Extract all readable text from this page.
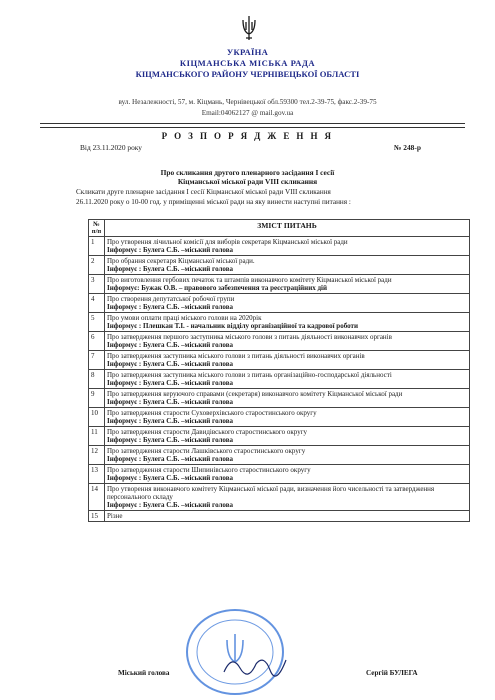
УКРАЇНА
КІЦМАНСЬКА МІСЬКА РАДА
КІЦМАНСЬКОГО РАЙОНУ ЧЕРНІВЕЦЬКОЇ ОБЛАСТІ
вул. Незалежності, 57, м. Кіцмань, Чернівецької обл.59300 тел.2-39-75, факс.2-39-75
Email:04062127 @ mail.gov.ua
Р О З П О Р Я Д Ж Е Н Н Я
Від 23.11.2020 року	№ 248-р
Про скликання другого пленарного засідання І сесії
Кіцманської міської ради VIII скликання
Скликати друге пленарне засідання І сесії Кіцманської міської ради VIII скликання
26.11.2020 року о 10-00 год. у приміщенні міської ради на яку винести наступні питання :
№ п/п	ЗМІСТ ПИТАНЬ
1	Про утворення лічильної комісії для виборів секретаря Кіцманської міської ради
Інформує : Булега С.Б. –міський голова

2	Про обрання секретаря Кіцманської міської ради.
Інформує : Булега С.Б. –міський голова

3	Про виготовлення гербових печаток та штампів виконавчого комітету Кіцманської міської ради
Інформує: Бужак О.В. – правового забезпечення та реєстраційних дій

4	Про створення депутатської робочої групи
Інформує : Булега С.Б. –міський голова

5	Про умови оплати праці міського голови на 2020рік
Інформує : Плешкан Т.І. - начальник відділу організаційної та кадрової роботи

6	Про затвердження першого заступника міського голови з питань діяльності виконавчих органів
Інформує : Булега С.Б. –міський голова

7	Про затвердження заступника міського голови з питань діяльності виконавчих органів
Інформує : Булега С.Б. –міський голова

8	Про затвердження заступника міського голови з питань організаційно-господарської діяльності
Інформує : Булега С.Б. –міський голова

9	Про затвердження керуючого справами (секретаря) виконавчого комітету Кіцманської міської ради
Інформує : Булега С.Б. –міський голова

10	Про затвердження старости Суховерхівського старостинського округу
Інформує : Булега С.Б. –міський голова

11	Про затвердження старости Давидівського старостинського округу
Інформує : Булега С.Б. –міський голова

12	Про затвердження старости Лашківського старостинського округу
Інформує : Булега С.Б. –міський голова

13	Про затвердження старости Шипинівського старостинського округу
Інформує : Булега С.Б. –міський голова

14	Про утворення виконавчого комітету Кіцманської міської ради, визначення його чисельності та затвердження персонального складу
Інформує : Булега С.Б. –міський голова

15	Різне
Міський голова	Сергій БУЛЕГА
